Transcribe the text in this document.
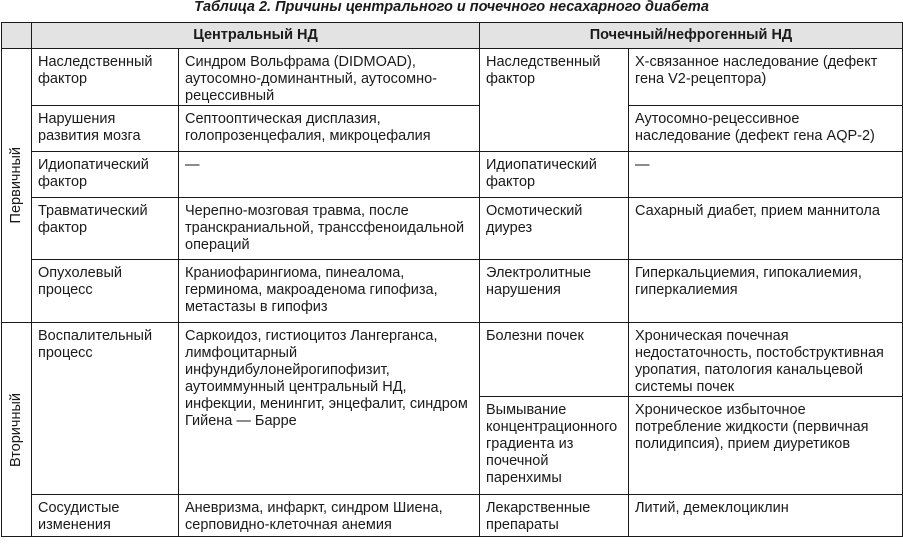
Таблица 2. Причины центрального и почечного несахарного диабета
	Центральный НД		Почечный/нефрогенный НД	

Первичный	Наследственный фактор	Синдром Вольфрама (DIDMOAD), аутосомно-доминантный, аутосомно-рецессивный	Наследственный фактор	Х-связанное наследование (дефект гена V2-рецептора)
	Нарушения развития мозга	Септооптическая дисплазия, голопрозенцефалия, микроцефалия		Аутосомно-рецессивное наследование (дефект гена AQP-2)
	Идиопатический фактор	—	Идиопатический фактор	—
	Травматический фактор	Черепно-мозговая травма, после транскраниальной, транссфеноидальной операций	Осмотический диурез	Сахарный диабет, прием маннитола
	Опухолевый процесс	Краниофарингиома, пинеалома, герминома, макроаденома гипофиза, метастазы в гипофиз	Электролитные нарушения	Гиперкальциемия, гипокалиемия, гиперкалиемия

Вторичный	Воспалительный процесс	Саркоидоз, гистиоцитоз Лангерганса, лимфоцитарный инфундибулонейрогипофизит, аутоиммунный центральный НД, инфекции, менингит, энцефалит, синдром Гийена — Барре	Болезни почек	Хроническая почечная недостаточность, постобструктивная уропатия, патология канальцевой системы почек
			Вымывание концентрационного градиента из почечной паренхимы	Хроническое избыточное потребление жидкости (первичная полидипсия), прием диуретиков
	Сосудистые изменения	Аневризма, инфаркт, синдром Шиена, серповидно-клеточная анемия	Лекарственные препараты	Литий, демеклоциклин
